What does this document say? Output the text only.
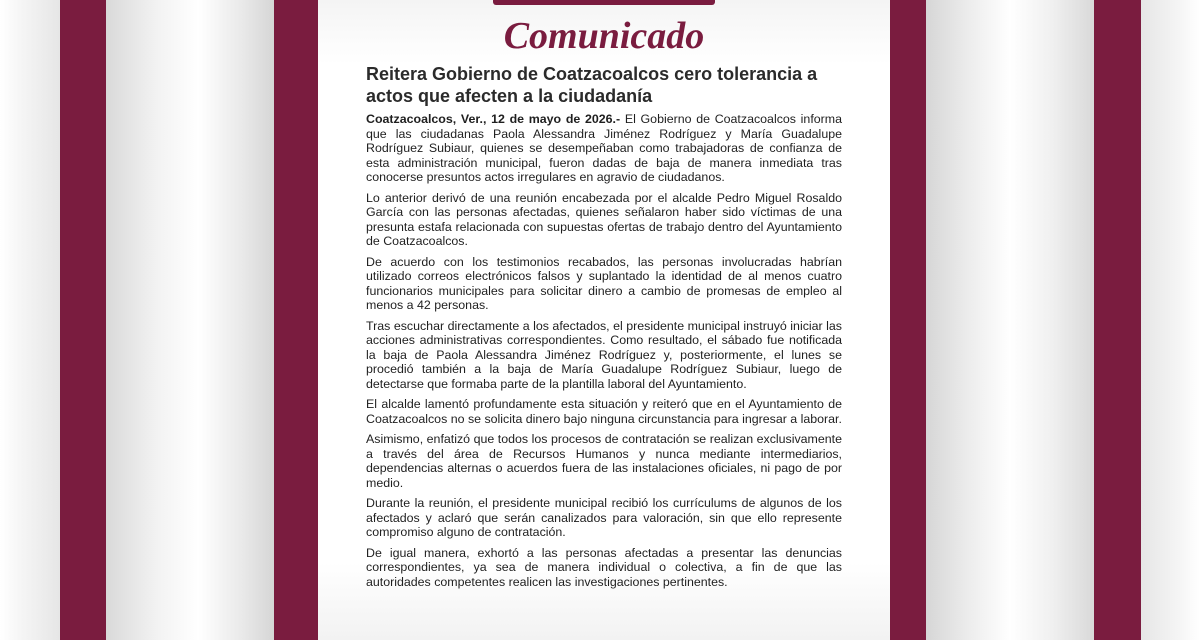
Comunicado
Reitera Gobierno de Coatzacoalcos cero tolerancia a actos que afecten a la ciudadanía

Coatzacoalcos, Ver., 12 de mayo de 2026.- El Gobierno de Coatzacoalcos informa que las ciudadanas Paola Alessandra Jiménez Rodríguez y María Guadalupe Rodríguez Subiaur, quienes se desempeñaban como trabajadoras de confianza de esta administración municipal, fueron dadas de baja de manera inmediata tras conocerse presuntos actos irregulares en agravio de ciudadanos.

Lo anterior derivó de una reunión encabezada por el alcalde Pedro Miguel Rosaldo García con las personas afectadas, quienes señalaron haber sido víctimas de una presunta estafa relacionada con supuestas ofertas de trabajo dentro del Ayuntamiento de Coatzacoalcos.

De acuerdo con los testimonios recabados, las personas involucradas habrían utilizado correos electrónicos falsos y suplantado la identidad de al menos cuatro funcionarios municipales para solicitar dinero a cambio de promesas de empleo al menos a 42 personas.

Tras escuchar directamente a los afectados, el presidente municipal instruyó iniciar las acciones administrativas correspondientes. Como resultado, el sábado fue notificada la baja de Paola Alessandra Jiménez Rodríguez y, posteriormente, el lunes se procedió también a la baja de María Guadalupe Rodríguez Subiaur, luego de detectarse que formaba parte de la plantilla laboral del Ayuntamiento.

El alcalde lamentó profundamente esta situación y reiteró que en el Ayuntamiento de Coatzacoalcos no se solicita dinero bajo ninguna circunstancia para ingresar a laborar.

Asimismo, enfatizó que todos los procesos de contratación se realizan exclusivamente a través del área de Recursos Humanos y nunca mediante intermediarios, dependencias alternas o acuerdos fuera de las instalaciones oficiales, ni pago de por medio.

Durante la reunión, el presidente municipal recibió los currículums de algunos de los afectados y aclaró que serán canalizados para valoración, sin que ello represente compromiso alguno de contratación.

De igual manera, exhortó a las personas afectadas a presentar las denuncias correspondientes, ya sea de manera individual o colectiva, a fin de que las autoridades competentes realicen las investigaciones pertinentes.
